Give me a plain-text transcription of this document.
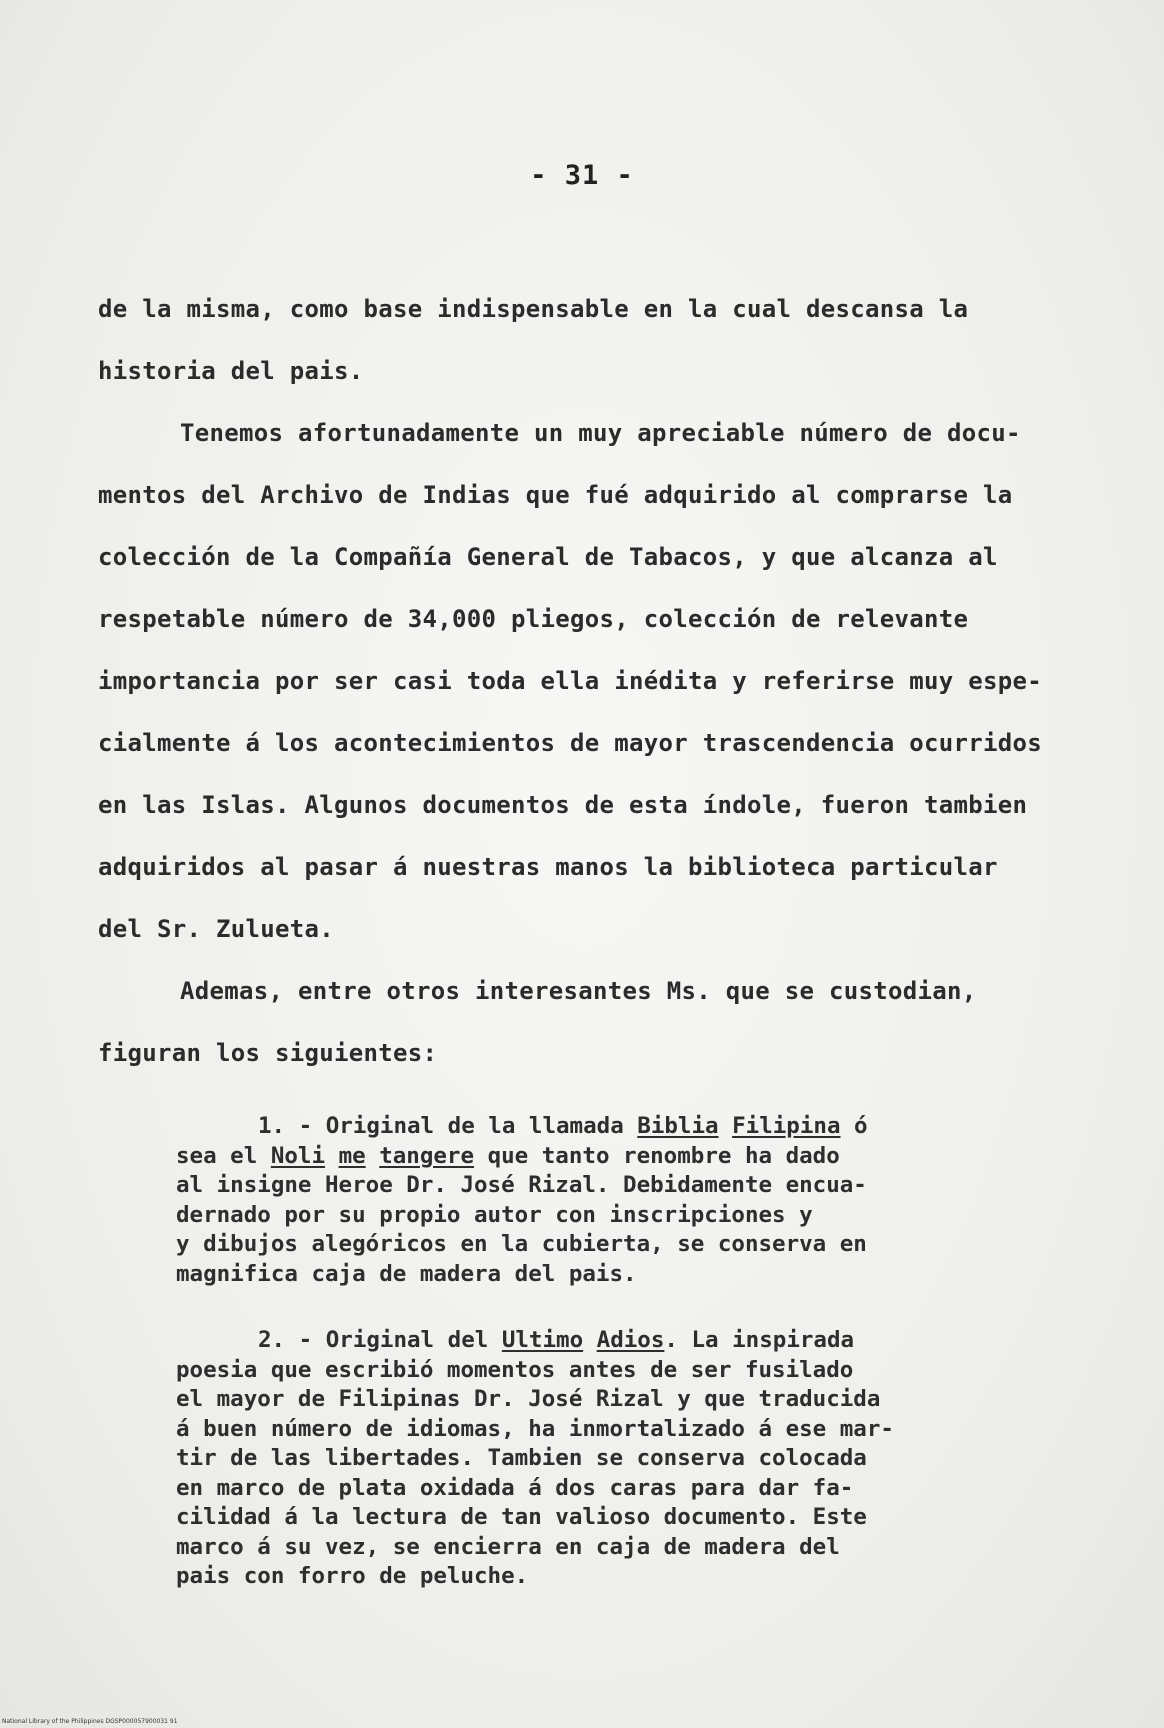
- 31 -
de la misma, como base indispensable en la cual descansa la
historia del pais.
Tenemos afortunadamente un muy apreciable número de docu-
mentos del Archivo de Indias que fué adquirido al comprarse la
colección de la Compañía General de Tabacos, y que alcanza al
respetable número de 34,000 pliegos, colección de relevante
importancia por ser casi toda ella inédita y referirse muy espe-
cialmente á los acontecimientos de mayor trascendencia ocurridos
en las Islas. Algunos documentos de esta índole, fueron tambien
adquiridos al pasar á nuestras manos la biblioteca particular
del Sr. Zulueta.
Ademas, entre otros interesantes Ms. que se custodian,
figuran los siguientes:
1. - Original de la llamada Biblia Filipina ó
sea el Noli me tangere que tanto renombre ha dado
al insigne Heroe Dr. José Rizal. Debidamente encua-
dernado por su propio autor con inscripciones y
y dibujos alegóricos en la cubierta, se conserva en
magnifica caja de madera del pais.
2. - Original del Ultimo Adios. La inspirada
poesia que escribió momentos antes de ser fusilado
el mayor de Filipinas Dr. José Rizal y que traducida
á buen número de idiomas, ha inmortalizado á ese mar-
tir de las libertades. Tambien se conserva colocada
en marco de plata oxidada á dos caras para dar fa-
cilidad á la lectura de tan valioso documento. Este
marco á su vez, se encierra en caja de madera del
pais con forro de peluche.
National Library of the Philippines DGSP000057900031 91
